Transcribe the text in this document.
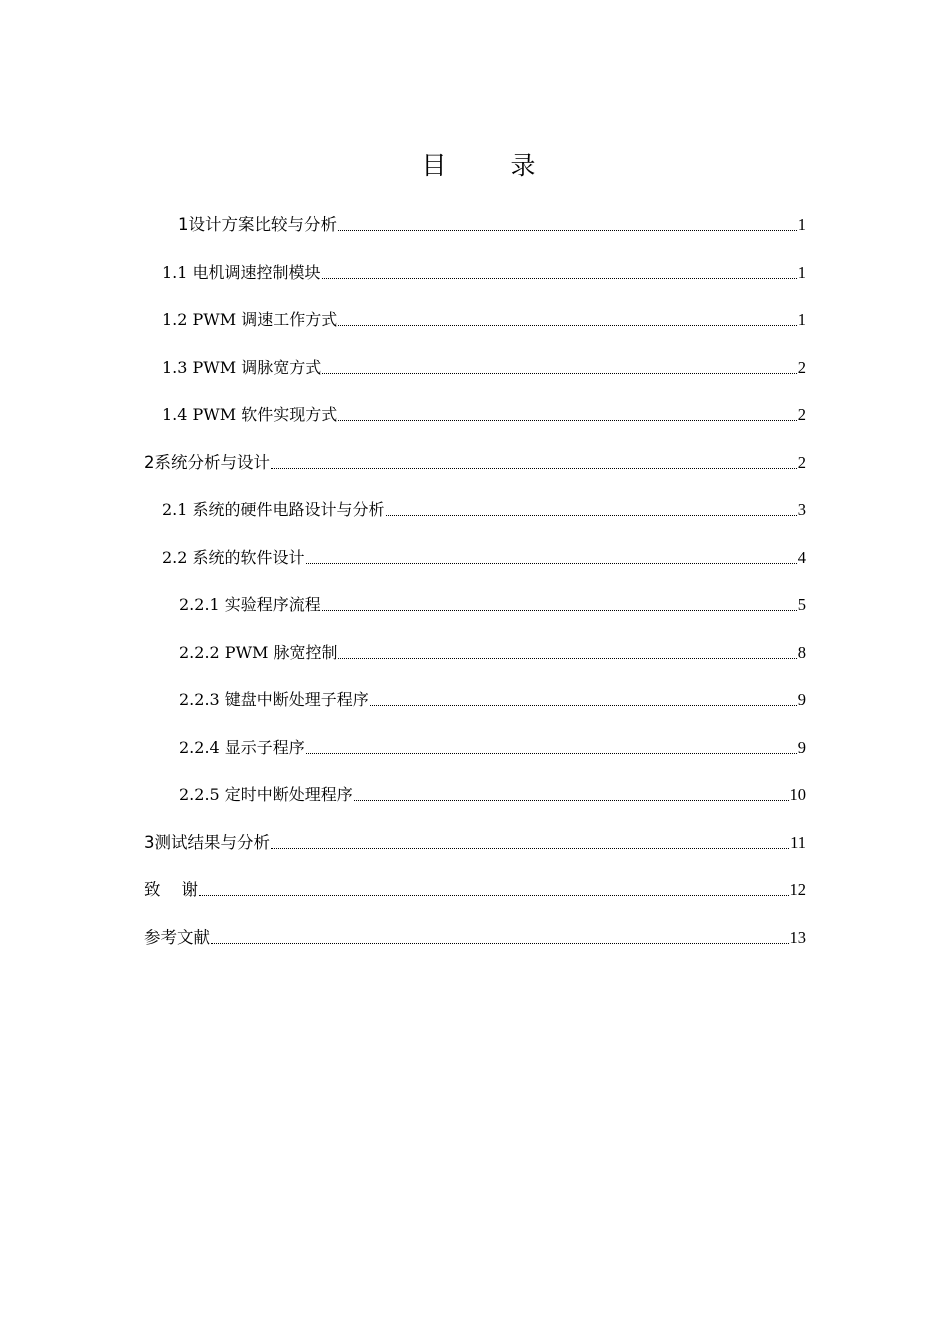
目 录
1设计方案比较与分析	1
1.1 电机调速控制模块	1
1.2 PWM 调速工作方式	1
1.3 PWM 调脉宽方式	2
1.4 PWM 软件实现方式	2
2系统分析与设计	2
2.1 系统的硬件电路设计与分析	3
2.2 系统的软件设计	4
2.2.1 实验程序流程	5
2.2.2 PWM 脉宽控制	8
2.2.3 键盘中断处理子程序	9
2.2.4 显示子程序	9
2.2.5 定时中断处理程序	10
3测试结果与分析	11
致    谢	12
参考文献	13
